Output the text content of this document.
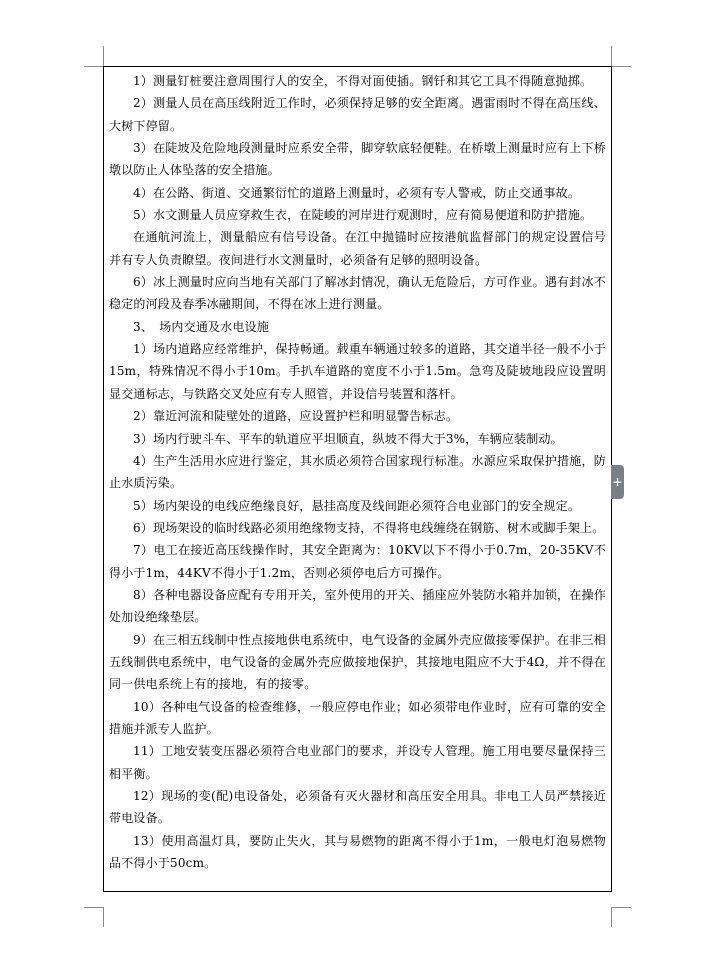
1）测量钉桩要注意周围行人的安全，不得对面使插。钢钎和其它工具不得随意抛掷。

2）测量人员在高压线附近工作时，必须保持足够的安全距离。遇雷雨时不得在高压线、大树下停留。

3）在陡坡及危险地段测量时应系安全带，脚穿软底轻便鞋。在桥墩上测量时应有上下桥墩以防止人体坠落的安全措施。

4）在公路、街道、交通繁衍忙的道路上测量时，必须有专人警戒，防止交通事故。

5）水文测量人员应穿救生衣，在陡峻的河岸进行观测时，应有简易便道和防护措施。

在通航河流上，测量船应有信号设备。在江中抛锚时应按港航监督部门的规定设置信号并有专人负责瞭望。夜间进行水文测量时，必须备有足够的照明设备。

6）冰上测量时应向当地有关部门了解冰封情况，确认无危险后，方可作业。遇有封冰不稳定的河段及春季冰融期间，不得在冰上进行测量。

3、　场内交通及水电设施

1）场内道路应经常维护，保持畅通。载重车辆通过较多的道路，其交道半径一般不小于15m，特殊情况不得小于10m。手扒车道路的宽度不小于1.5m。急弯及陡坡地段应设置明显交通标志，与铁路交叉处应有专人照管，并设信号装置和落杆。

2）靠近河流和陡壁处的道路，应设置护栏和明显警告标志。

3）场内行驶斗车、平车的轨道应平坦顺直，纵坡不得大于3%，车辆应装制动。

4）生产生活用水应进行鉴定，其水质必须符合国家现行标准。水源应采取保护措施，防止水质污染。

5）场内架设的电线应绝缘良好，悬挂高度及线间距必须符合电业部门的安全规定。

6）现场架设的临时线路必须用绝缘物支持，不得将电线缠绕在钢筋、树木或脚手架上。

7）电工在接近高压线操作时，其安全距离为：10KV以下不得小于0.7m，20-35KV不得小于1m，44KV不得小于1.2m，否则必须停电后方可操作。

8）各种电器设备应配有专用开关，室外使用的开关、插座应外装防水箱并加锁，在操作处加设绝缘垫层。

9）在三相五线制中性点接地供电系统中，电气设备的金属外壳应做接零保护。在非三相五线制供电系统中，电气设备的金属外壳应做接地保护，其接地电阻应不大于4Ω，并不得在同一供电系统上有的接地，有的接零。

10）各种电气设备的检查维修，一般应停电作业；如必须带电作业时，应有可靠的安全措施并派专人监护。

11）工地安装变压器必须符合电业部门的要求，并设专人管理。施工用电要尽量保持三相平衡。

12）现场的变(配)电设备处，必须备有灭火器材和高压安全用具。非电工人员严禁接近带电设备。

13）使用高温灯具，要防止失火，其与易燃物的距离不得小于1m，一般电灯泡易燃物品不得小于50cm。

+
